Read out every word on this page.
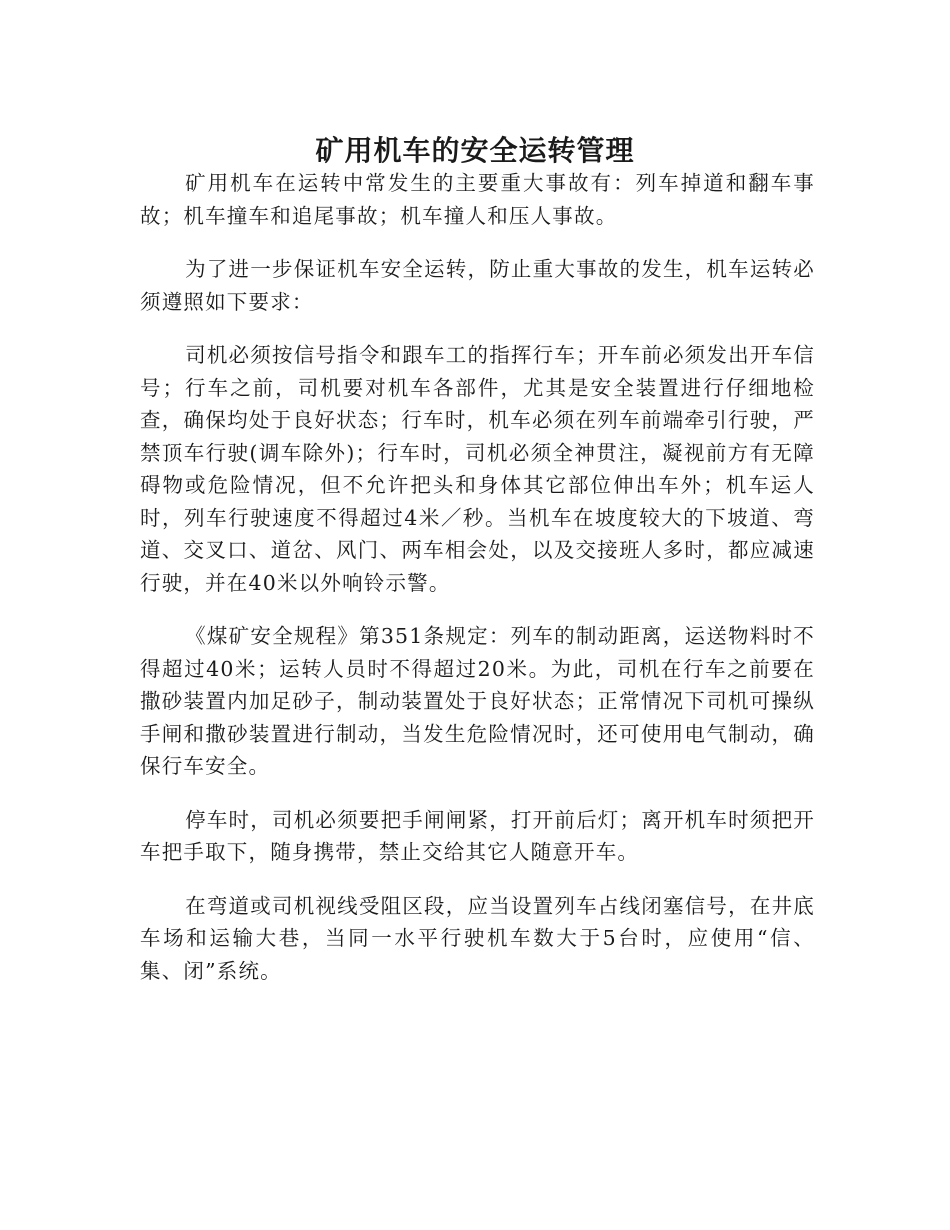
矿用机车的安全运转管理

矿用机车在运转中常发生的主要重大事故有：列车掉道和翻车事故；机车撞车和追尾事故；机车撞人和压人事故。

为了进一步保证机车安全运转，防止重大事故的发生，机车运转必须遵照如下要求：

司机必须按信号指令和跟车工的指挥行车；开车前必须发出开车信号；行车之前，司机要对机车各部件，尤其是安全装置进行仔细地检查，确保均处于良好状态；行车时，机车必须在列车前端牵引行驶，严禁顶车行驶(调车除外)；行车时，司机必须全神贯注，凝视前方有无障碍物或危险情况，但不允许把头和身体其它部位伸出车外；机车运人时，列车行驶速度不得超过4米／秒。当机车在坡度较大的下坡道、弯道、交叉口、道岔、风门、两车相会处，以及交接班人多时，都应减速行驶，并在40米以外响铃示警。

《煤矿安全规程》第351条规定：列车的制动距离，运送物料时不得超过40米；运转人员时不得超过20米。为此，司机在行车之前要在撒砂装置内加足砂子，制动装置处于良好状态；正常情况下司机可操纵手闸和撒砂装置进行制动，当发生危险情况时，还可使用电气制动，确保行车安全。

停车时，司机必须要把手闸闸紧，打开前后灯；离开机车时须把开车把手取下，随身携带，禁止交给其它人随意开车。

在弯道或司机视线受阻区段，应当设置列车占线闭塞信号，在井底车场和运输大巷，当同一水平行驶机车数大于5台时，应使用“信、集、闭”系统。
